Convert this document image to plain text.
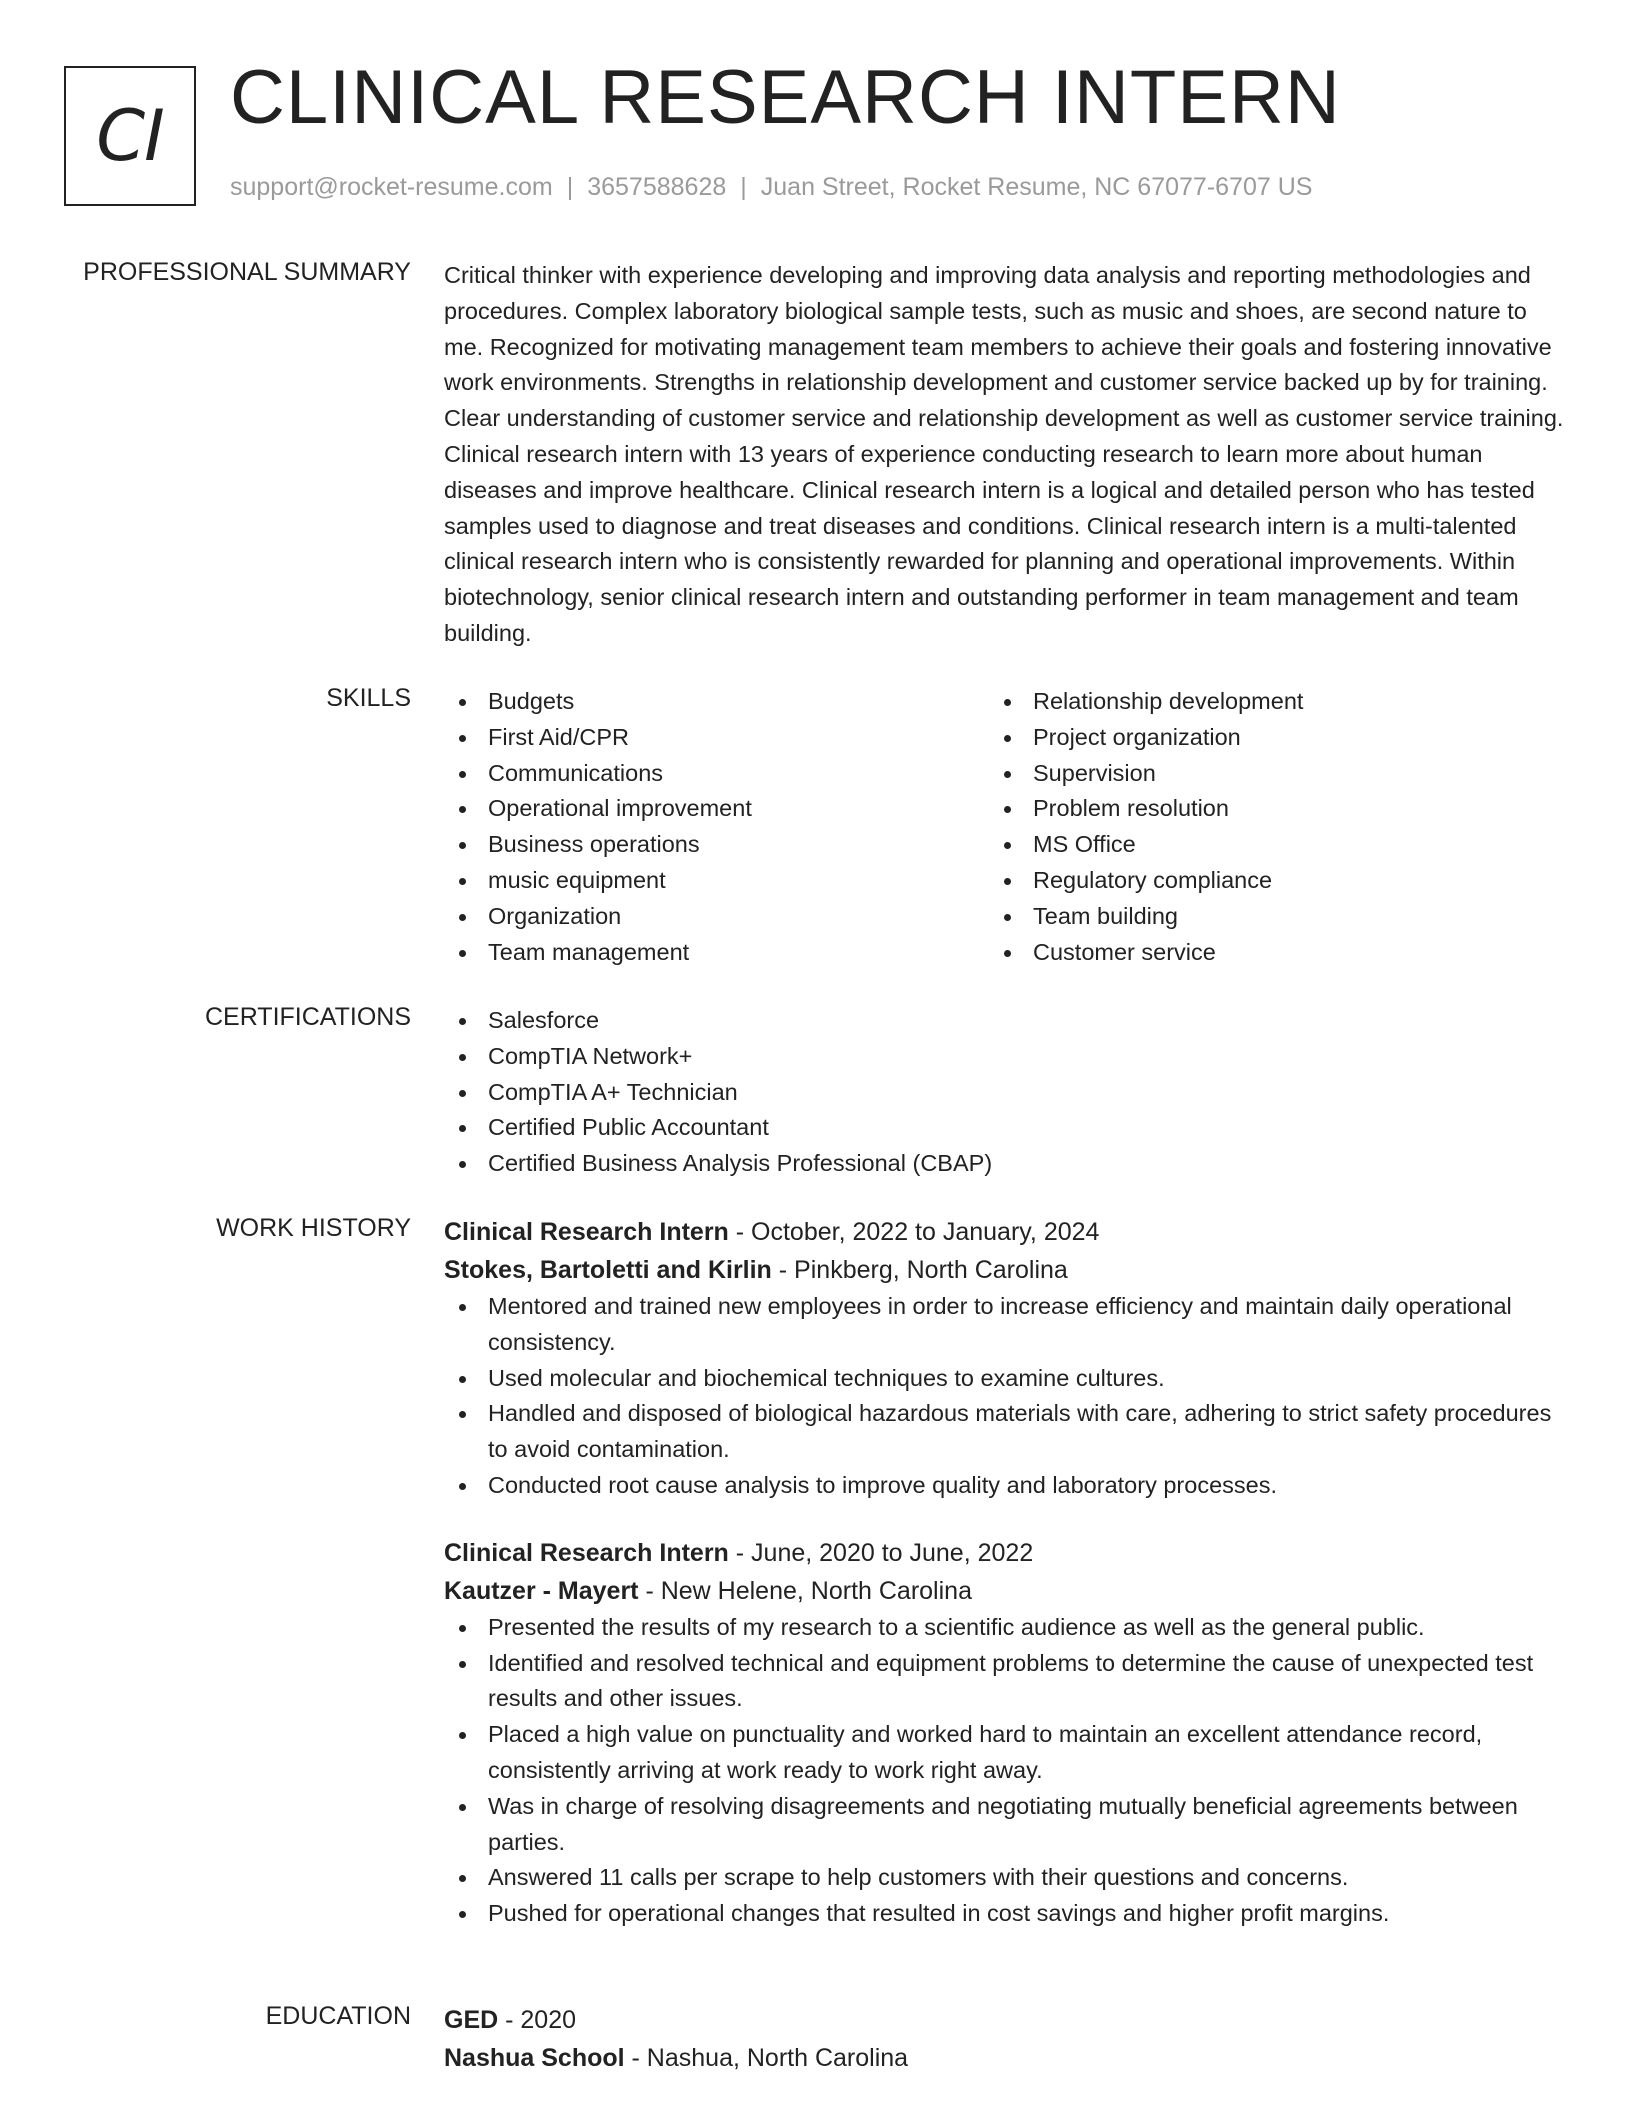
CI CLINICAL RESEARCH INTERN
support@rocket-resume.com | 3657588628 | Juan Street, Rocket Resume, NC 67077-6707 US
PROFESSIONAL SUMMARY Critical thinker with experience developing and improving data analysis and reporting methodologies and procedures. Complex laboratory biological sample tests, such as music and shoes, are second nature to me. Recognized for motivating management team members to achieve their goals and fostering innovative work environments. Strengths in relationship development and customer service backed up by for training. Clear understanding of customer service and relationship development as well as customer service training. Clinical research intern with 13 years of experience conducting research to learn more about human diseases and improve healthcare. Clinical research intern is a logical and detailed person who has tested samples used to diagnose and treat diseases and conditions. Clinical research intern is a multi-talented clinical research intern who is consistently rewarded for planning and operational improvements. Within biotechnology, senior clinical research intern and outstanding performer in team management and team building.

SKILLS	Budgets
First Aid/CPR
Communications
Operational improvement
Business operations
music equipment
Organization
Team management
Relationship development
Project organization
Supervision
Problem resolution
MS Office
Regulatory compliance
Team building
Customer service
CERTIFICATIONS	Salesforce
CompTIA Network+
CompTIA A+ Technician
Certified Public Accountant
Certified Business Analysis Professional (CBAP)
WORK HISTORY Clinical Research Intern - October, 2022 to January, 2024
Stokes, Bartoletti and Kirlin - Pinkberg, North Carolina
Mentored and trained new employees in order to increase efficiency and maintain daily operational consistency.
Used molecular and biochemical techniques to examine cultures.
Handled and disposed of biological hazardous materials with care, adhering to strict safety procedures to avoid contamination.
Conducted root cause analysis to improve quality and laboratory processes.
Clinical Research Intern - June, 2020 to June, 2022
Kautzer - Mayert - New Helene, North Carolina
Presented the results of my research to a scientific audience as well as the general public.
Identified and resolved technical and equipment problems to determine the cause of unexpected test results and other issues.
Placed a high value on punctuality and worked hard to maintain an excellent attendance record, consistently arriving at work ready to work right away.
Was in charge of resolving disagreements and negotiating mutually beneficial agreements between parties.
Answered 11 calls per scrape to help customers with their questions and concerns.
Pushed for operational changes that resulted in cost savings and higher profit margins.
EDUCATION GED - 2020
Nashua School - Nashua, North Carolina
